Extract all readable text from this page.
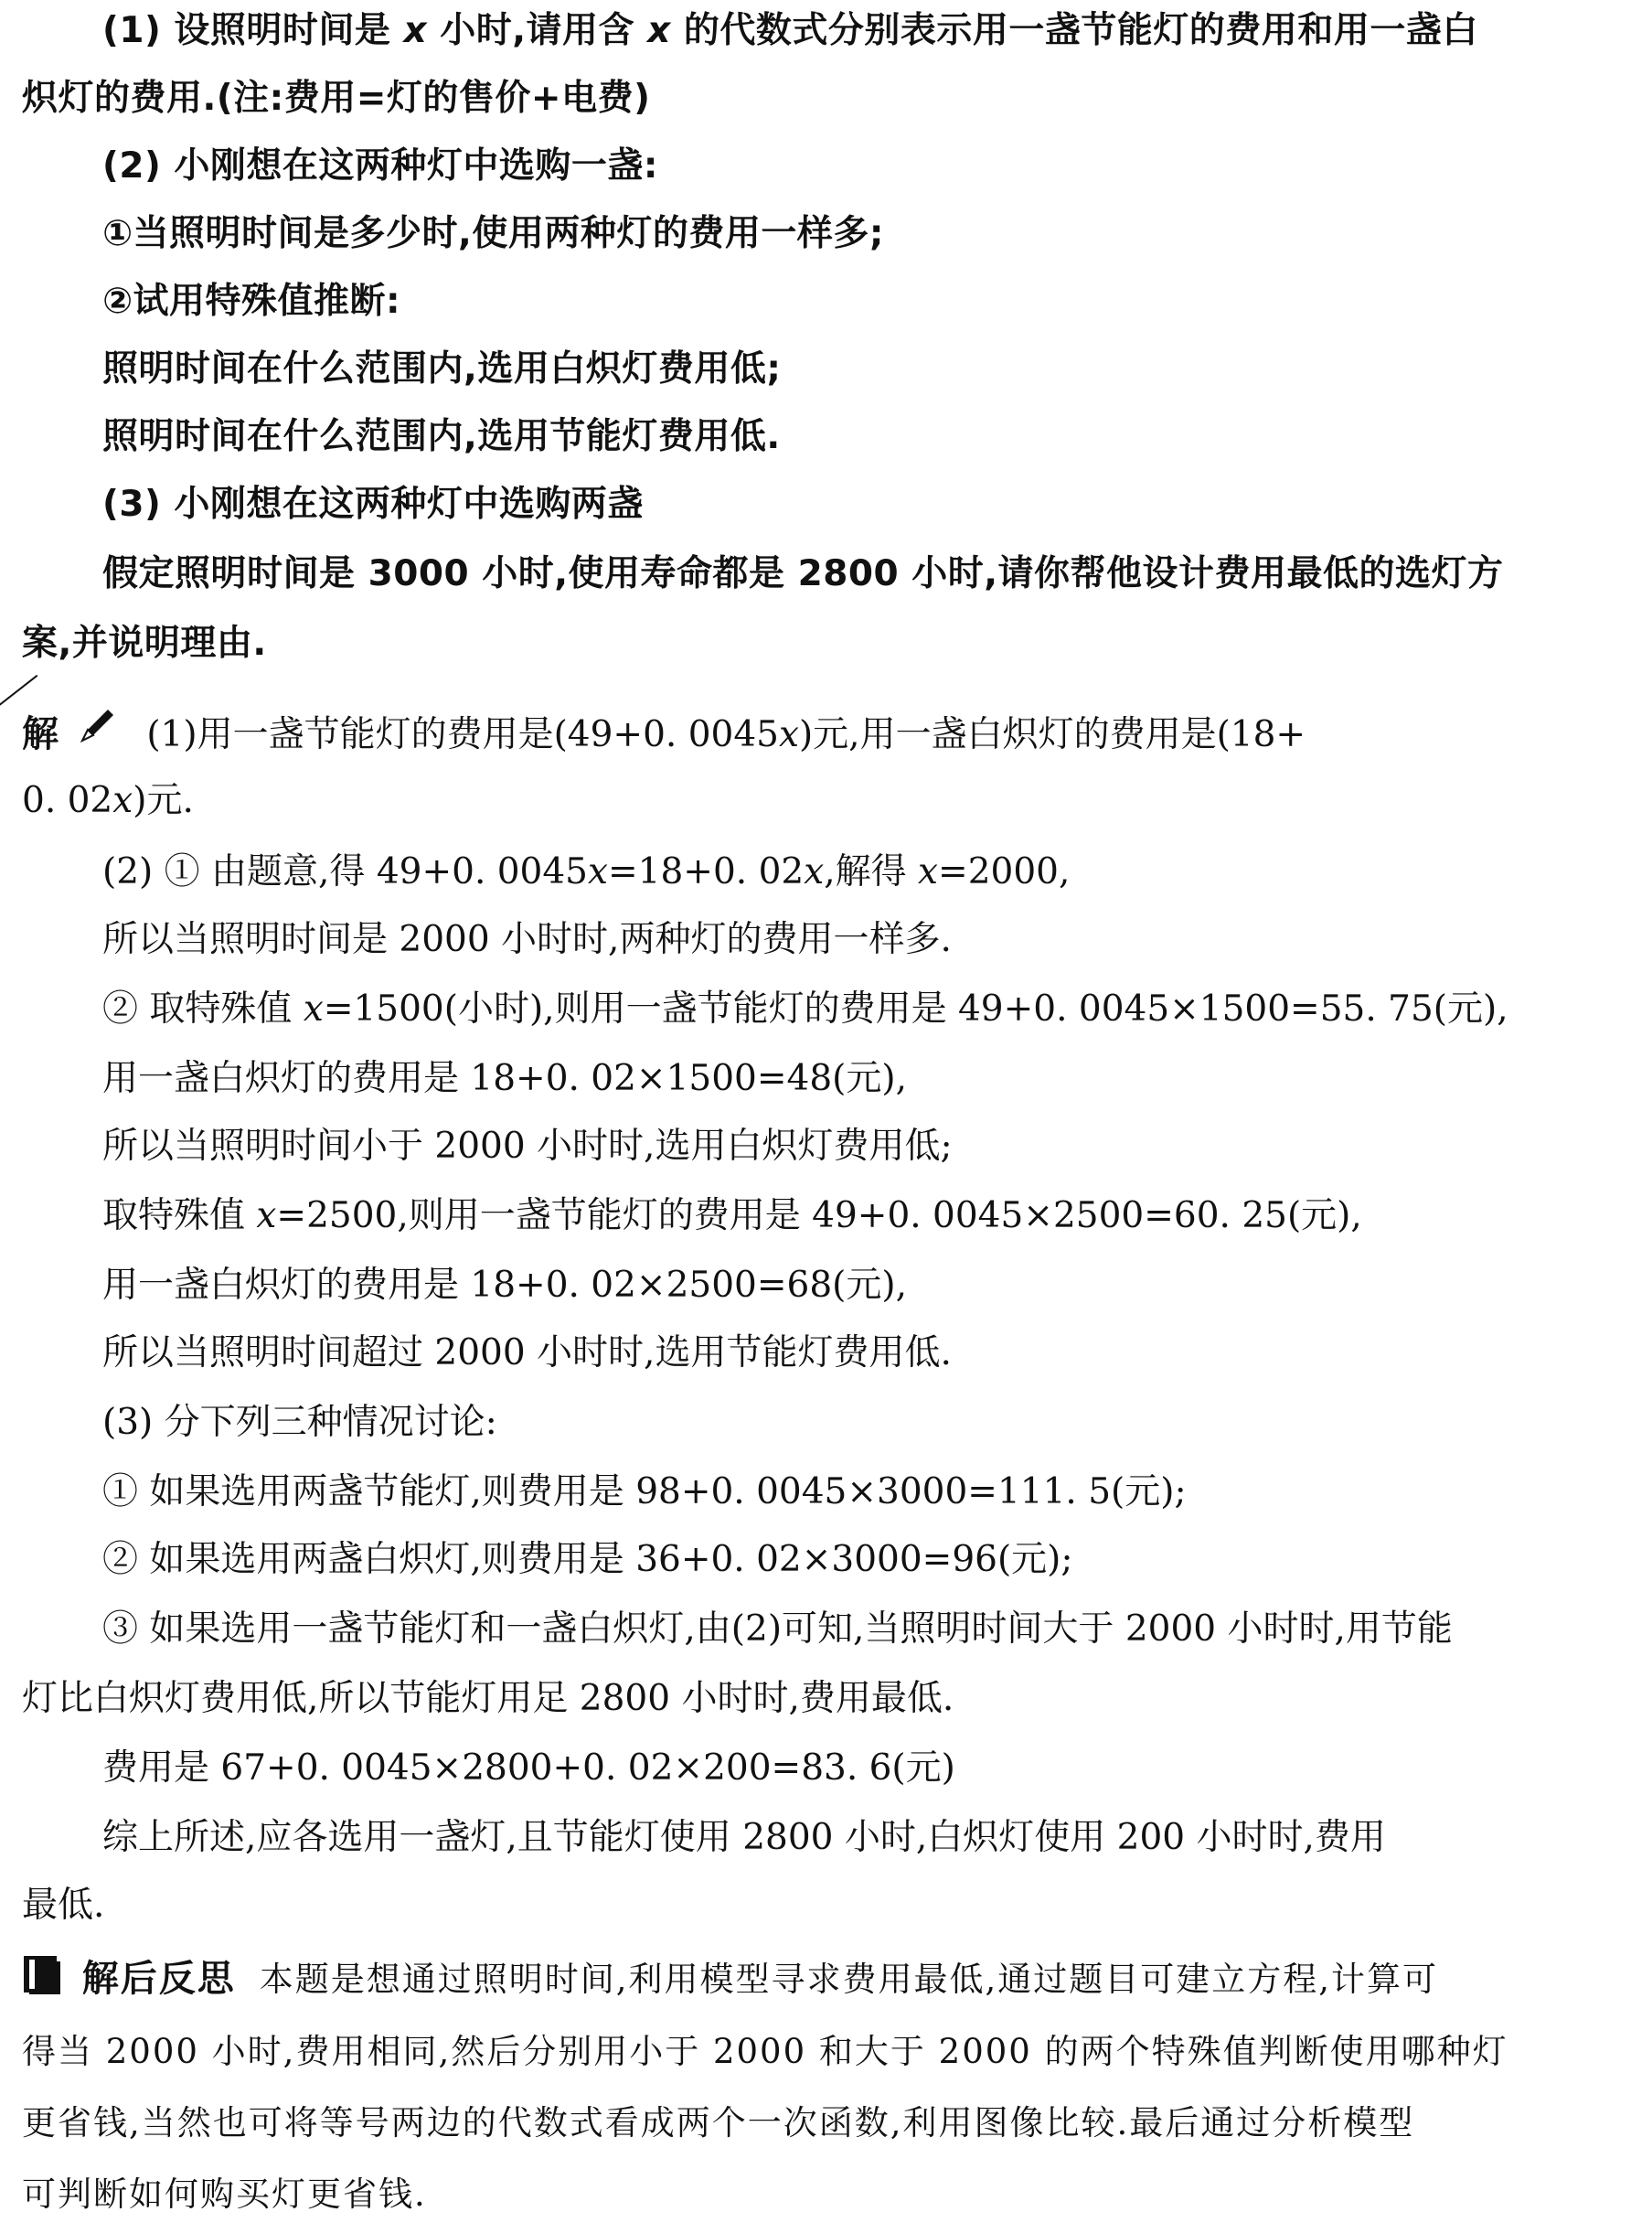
(1) 设照明时间是 x 小时,请用含 x 的代数式分别表示用一盏节能灯的费用和用一盏白
炽灯的费用.(注:费用=灯的售价+电费)
(2) 小刚想在这两种灯中选购一盏:
①当照明时间是多少时,使用两种灯的费用一样多;
②试用特殊值推断:
照明时间在什么范围内,选用白炽灯费用低;
照明时间在什么范围内,选用节能灯费用低.
(3) 小刚想在这两种灯中选购两盏
假定照明时间是 3000 小时,使用寿命都是 2800 小时,请你帮他设计费用最低的选灯方
案,并说明理由.
解 (1)用一盏节能灯的费用是(49+0. 0045x)元,用一盏白炽灯的费用是(18+
0. 02x)元.
(2) ① 由题意,得 49+0. 0045x=18+0. 02x,解得 x=2000,
所以当照明时间是 2000 小时时,两种灯的费用一样多.
② 取特殊值 x=1500(小时),则用一盏节能灯的费用是 49+0. 0045×1500=55. 75(元),
用一盏白炽灯的费用是 18+0. 02×1500=48(元),
所以当照明时间小于 2000 小时时,选用白炽灯费用低;
取特殊值 x=2500,则用一盏节能灯的费用是 49+0. 0045×2500=60. 25(元),
用一盏白炽灯的费用是 18+0. 02×2500=68(元),
所以当照明时间超过 2000 小时时,选用节能灯费用低.
(3) 分下列三种情况讨论:
① 如果选用两盏节能灯,则费用是 98+0. 0045×3000=111. 5(元);
② 如果选用两盏白炽灯,则费用是 36+0. 02×3000=96(元);
③ 如果选用一盏节能灯和一盏白炽灯,由(2)可知,当照明时间大于 2000 小时时,用节能
灯比白炽灯费用低,所以节能灯用足 2800 小时时,费用最低.
费用是 67+0. 0045×2800+0. 02×200=83. 6(元)
综上所述,应各选用一盏灯,且节能灯使用 2800 小时,白炽灯使用 200 小时时,费用
最低.
解后反思 本题是想通过照明时间,利用模型寻求费用最低,通过题目可建立方程,计算可
得当 2000 小时,费用相同,然后分别用小于 2000 和大于 2000 的两个特殊值判断使用哪种灯
更省钱,当然也可将等号两边的代数式看成两个一次函数,利用图像比较.最后通过分析模型
可判断如何购买灯更省钱.
